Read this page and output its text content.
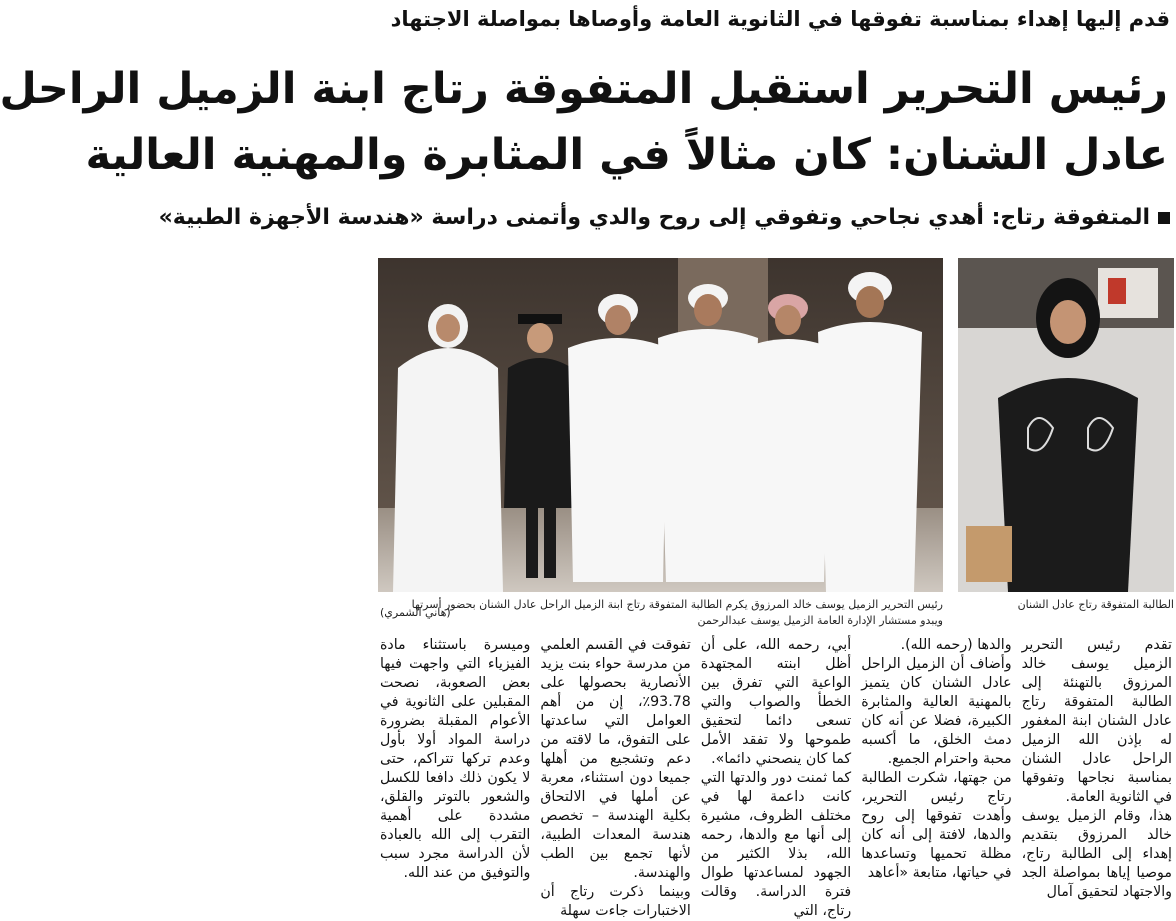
قدم إليها إهداء بمناسبة تفوقها في الثانوية العامة وأوصاها بمواصلة الاجتهاد
رئيس التحرير استقبل المتفوقة رتاج ابنة الزميل الراحل
عادل الشنان: كان مثالاً في المثابرة والمهنية العالية
المتفوقة رتاج: أهدي نجاحي وتفوقي إلى روح والدي وأتمنى دراسة «هندسة الأجهزة الطبية»
الطالبة المتفوقة رتاج عادل الشنان
رئيس التحرير الزميل يوسف خالد المرزوق يكرم الطالبة المتفوقة رتاج ابنة الزميل الراحل عادل الشنان بحضور أسرتها
ويبدو مستشار الإدارة العامة الزميل يوسف عبدالرحمن
(هاني الشمري)

تقدم رئيس التحرير الزميل يوسف خالد المرزوق بالتهنئة إلى الطالبة المتفوقة رتاج عادل الشنان ابنة المغفور له بإذن الله الزميل الراحل عادل الشنان بمناسبة نجاحها وتفوقها في الثانوية العامة.

هذا، وقام الزميل يوسف خالد المرزوق بتقديم إهداء إلى الطالبة رتاج، موصيا إياها بمواصلة الجد والاجتهاد لتحقيق آمال

والدها (رحمه الله).

وأضاف أن الزميل الراحل عادل الشنان كان يتميز بالمهنية العالية والمثابرة الكبيرة، فضلا عن أنه كان دمث الخلق، ما أكسبه محبة واحترام الجميع.

من جهتها، شكرت الطالبة رتاج رئيس التحرير، وأهدت تفوقها إلى روح والدها، لافتة إلى أنه كان مظلة تحميها وتساعدها في حياتها، متابعة «أعاهد

أبي، رحمه الله، على أن أظل ابنته المجتهدة الواعية التي تفرق بين الخطأ والصواب والتي تسعى دائما لتحقيق طموحها ولا تفقد الأمل كما كان ينصحني دائما».

كما ثمنت دور والدتها التي كانت داعمة لها في مختلف الظروف، مشيرة إلى أنها مع والدها، رحمه الله، بذلا الكثير من الجهود لمساعدتها طوال فترة الدراسة. وقالت رتاج، التي

تفوقت في القسم العلمي من مدرسة حواء بنت يزيد الأنصارية بحصولها على 93.78٪، إن من أهم العوامل التي ساعدتها على التفوق، ما لاقته من دعم وتشجيع من أهلها جميعا دون استثناء، معربة عن أملها في الالتحاق بكلية الهندسة – تخصص هندسة المعدات الطبية، لأنها تجمع بين الطب والهندسة.

وبينما ذكرت رتاج أن الاختبارات جاءت سهلة

وميسرة باستثناء مادة الفيزياء التي واجهت فيها بعض الصعوبة، نصحت المقبلين على الثانوية في الأعوام المقبلة بضرورة دراسة المواد أولا بأول وعدم تركها تتراكم، حتى لا يكون ذلك دافعا للكسل والشعور بالتوتر والقلق، مشددة على أهمية التقرب إلى الله بالعبادة لأن الدراسة مجرد سبب والتوفيق من عند الله.
